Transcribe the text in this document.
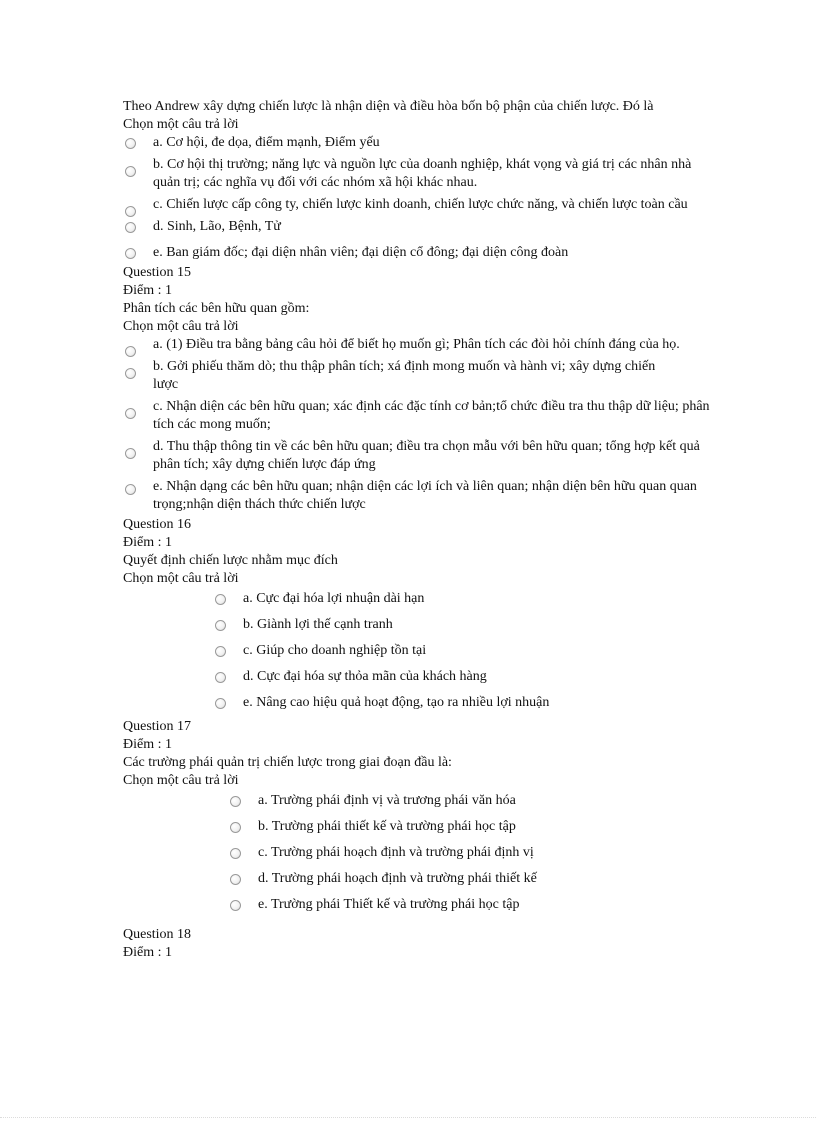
Theo Andrew xây dựng chiến lược là nhận diện và điều hòa bốn bộ phận của chiến lược. Đó là
Chọn một câu trả lời
a. Cơ hội, đe dọa, điểm mạnh, Điểm yếu
b. Cơ hội thị trường; năng lực và nguồn lực của doanh nghiệp, khát vọng và giá trị các nhân nhà quản trị; các nghĩa vụ đối với các nhóm xã hội khác nhau.
c. Chiến lược cấp công ty, chiến lược kinh doanh, chiến lược chức năng, và chiến lược toàn cầu
d. Sinh, Lão, Bệnh, Tử
e. Ban giám đốc; đại diện nhân viên; đại diện cổ đông; đại diện công đoàn
Question 15
Điểm : 1
Phân tích các bên hữu quan gồm:
Chọn một câu trả lời
a. (1) Điều tra bằng bảng câu hỏi để biết họ muốn gì; Phân tích các đòi hỏi chính đáng của họ.
b. Gởi phiếu thăm dò; thu thập phân tích; xá định mong muốn và hành vi; xây dựng chiến lược
c. Nhận diện các bên hữu quan; xác định các đặc tính cơ bản;tổ chức điều tra thu thập dữ liệu; phân tích các mong muốn;
d. Thu thập thông tin về các bên hữu quan; điều tra chọn mẫu với bên hữu quan; tổng hợp kết quả phân tích; xây dựng chiến lược đáp ứng
e. Nhận dạng các bên hữu quan; nhận diện các lợi ích và liên quan; nhận diện bên hữu quan quan trọng;nhận diện thách thức chiến lược
Question 16
Điểm : 1
Quyết định chiến lược nhằm mục đích
Chọn một câu trả lời
a. Cực đại hóa lợi nhuận dài hạn
b. Giành lợi thế cạnh tranh
c. Giúp cho doanh nghiệp tồn tại
d. Cực đại hóa sự thỏa mãn của khách hàng
e. Nâng cao hiệu quả hoạt động, tạo ra nhiều lợi nhuận
Question 17
Điểm : 1
Các trường phái quản trị chiến lược trong giai đoạn đầu là:
Chọn một câu trả lời
a. Trường phái định vị và trương phái văn hóa
b. Trường phái thiết kế và trường phái học tập
c. Trường phái hoạch định và trường phái định vị
d. Trường phái hoạch định và trường phái thiết kế
e. Trường phái Thiết kế và trường phái học tập
Question 18
Điểm : 1
